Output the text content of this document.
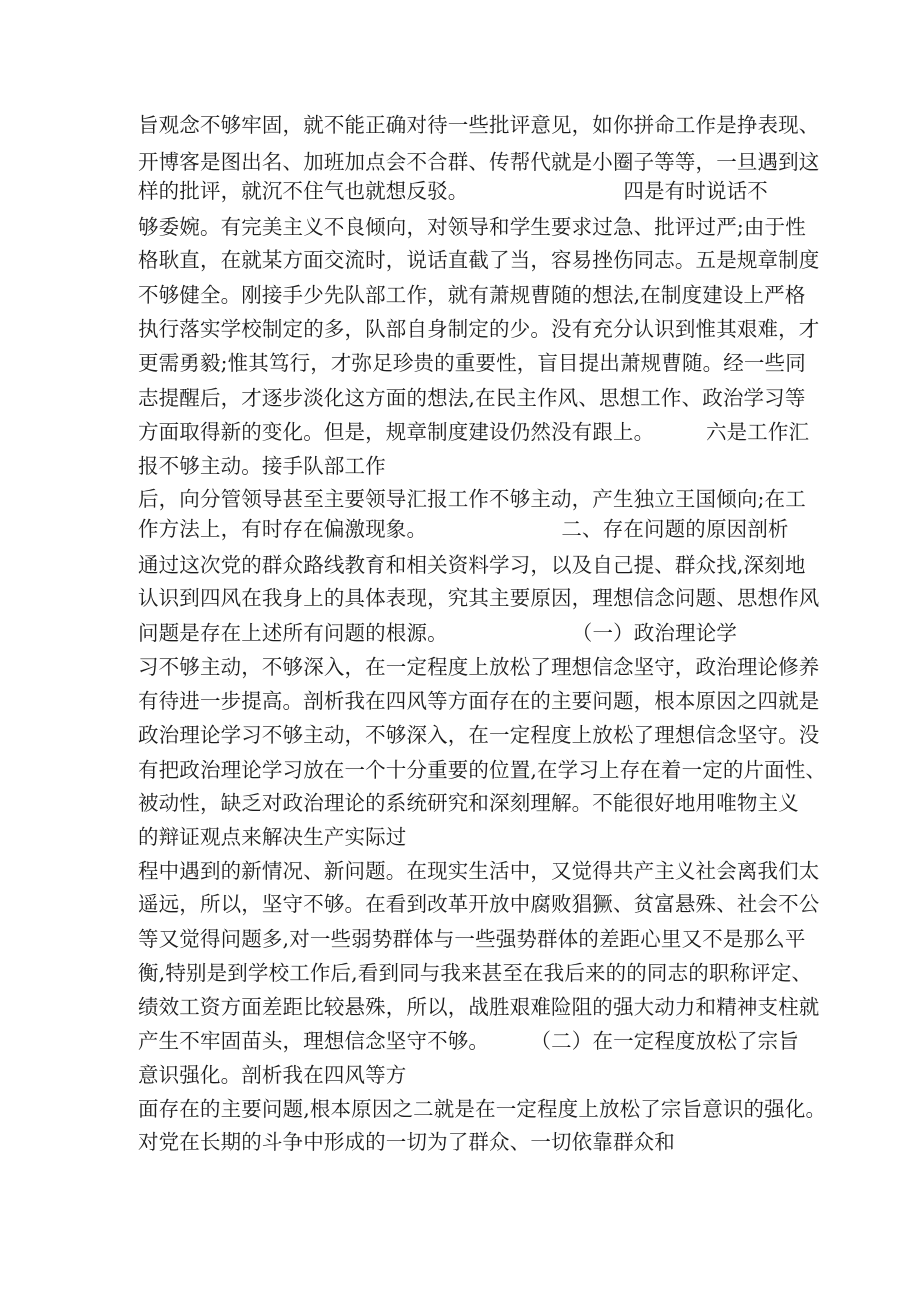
旨观念不够牢固，就不能正确对待一些批评意见，如你拼命工作是挣表现、
开博客是图出名、加班加点会不合群、传帮代就是小圈子等等，一旦遇到这
样的批评，就沉不住气也就想反驳。　　　　　　　　四是有时说话不
够委婉。有完美主义不良倾向，对领导和学生要求过急、批评过严;由于性
格耿直，在就某方面交流时，说话直截了当，容易挫伤同志。五是规章制度
不够健全。刚接手少先队部工作，就有萧规曹随的想法,在制度建设上严格
执行落实学校制定的多，队部自身制定的少。没有充分认识到惟其艰难，才
更需勇毅;惟其笃行，才弥足珍贵的重要性，盲目提出萧规曹随。经一些同
志提醒后，才逐步淡化这方面的想法,在民主作风、思想工作、政治学习等
方面取得新的变化。但是，规章制度建设仍然没有跟上。　　　六是工作汇
报不够主动。接手队部工作
后，向分管领导甚至主要领导汇报工作不够主动，产生独立王国倾向;在工
作方法上，有时存在偏激现象。　　　　　　　二、存在问题的原因剖析
通过这次党的群众路线教育和相关资料学习，以及自己提、群众找,深刻地
认识到四风在我身上的具体表现，究其主要原因，理想信念问题、思想作风
问题是存在上述所有问题的根源。　　　　　　　（一）政治理论学
习不够主动，不够深入，在一定程度上放松了理想信念坚守，政治理论修养
有待进一步提高。剖析我在四风等方面存在的主要问题，根本原因之四就是
政治理论学习不够主动，不够深入，在一定程度上放松了理想信念坚守。没
有把政治理论学习放在一个十分重要的位置,在学习上存在着一定的片面性、
被动性，缺乏对政治理论的系统研究和深刻理解。不能很好地用唯物主义
的辩证观点来解决生产实际过
程中遇到的新情况、新问题。在现实生活中，又觉得共产主义社会离我们太
遥远，所以，坚守不够。在看到改革开放中腐败猖獗、贫富悬殊、社会不公
等又觉得问题多,对一些弱势群体与一些强势群体的差距心里又不是那么平
衡,特别是到学校工作后,看到同与我来甚至在我后来的的同志的职称评定、
绩效工资方面差距比较悬殊，所以，战胜艰难险阻的强大动力和精神支柱就
产生不牢固苗头，理想信念坚守不够。　　　（二）在一定程度放松了宗旨
意识强化。剖析我在四风等方
面存在的主要问题,根本原因之二就是在一定程度上放松了宗旨意识的强化。
对党在长期的斗争中形成的一切为了群众、一切依靠群众和
